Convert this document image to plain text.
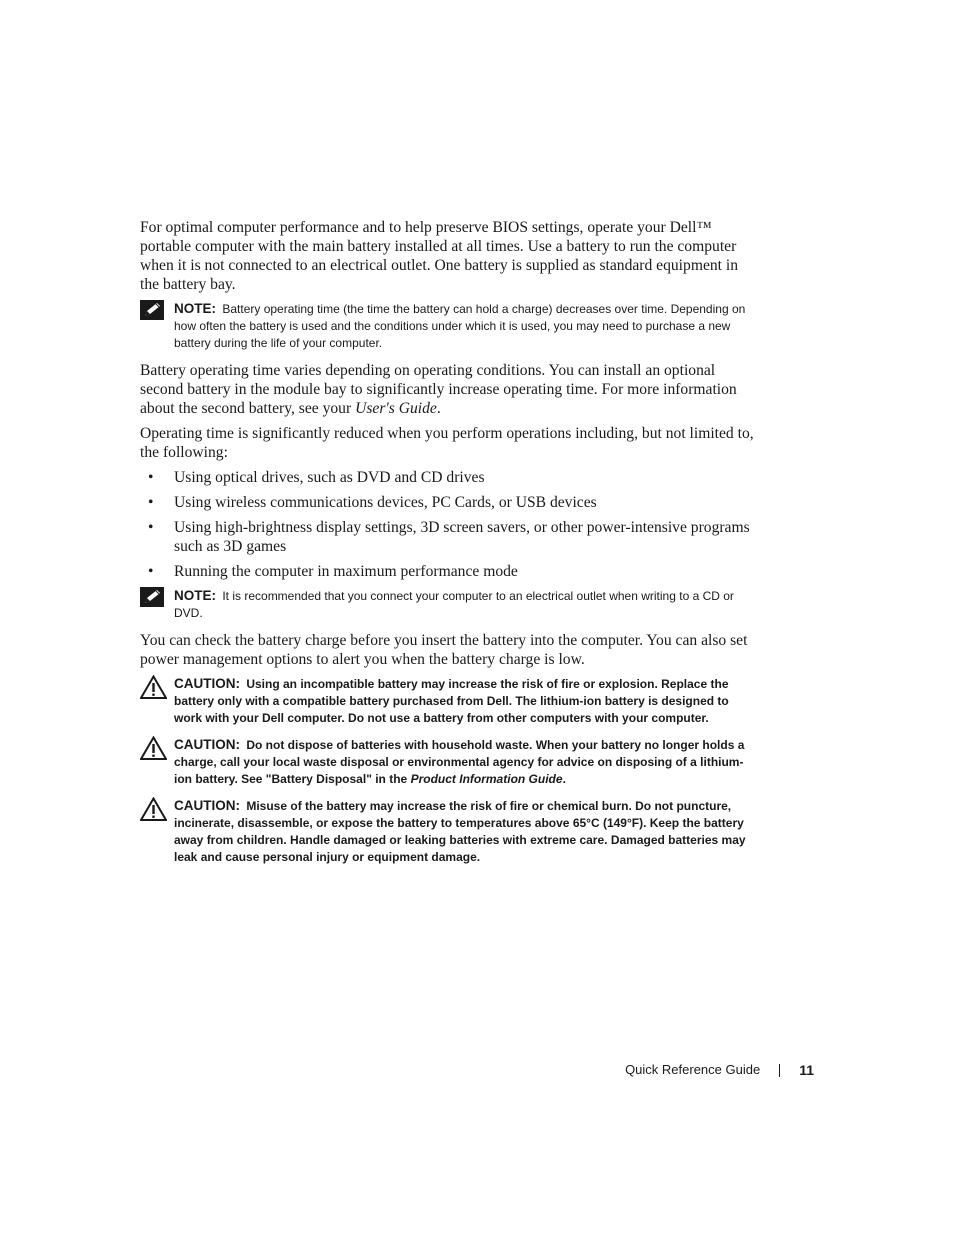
For optimal computer performance and to help preserve BIOS settings, operate your Dell™ portable computer with the main battery installed at all times. Use a battery to run the computer when it is not connected to an electrical outlet. One battery is supplied as standard equipment in the battery bay.

NOTE: Battery operating time (the time the battery can hold a charge) decreases over time. Depending on how often the battery is used and the conditions under which it is used, you may need to purchase a new battery during the life of your computer.

Battery operating time varies depending on operating conditions. You can install an optional second battery in the module bay to significantly increase operating time. For more information about the second battery, see your User's Guide.

Operating time is significantly reduced when you perform operations including, but not limited to, the following:

• Using optical drives, such as DVD and CD drives
• Using wireless communications devices, PC Cards, or USB devices
• Using high-brightness display settings, 3D screen savers, or other power-intensive programs such as 3D games
• Running the computer in maximum performance mode
NOTE: It is recommended that you connect your computer to an electrical outlet when writing to a CD or DVD.

You can check the battery charge before you insert the battery into the computer. You can also set power management options to alert you when the battery charge is low.

CAUTION: Using an incompatible battery may increase the risk of fire or explosion. Replace the battery only with a compatible battery purchased from Dell. The lithium-ion battery is designed to work with your Dell computer. Do not use a battery from other computers with your computer.
CAUTION: Do not dispose of batteries with household waste. When your battery no longer holds a charge, call your local waste disposal or environmental agency for advice on disposing of a lithium-ion battery. See "Battery Disposal" in the Product Information Guide.
CAUTION: Misuse of the battery may increase the risk of fire or chemical burn. Do not puncture, incinerate, disassemble, or expose the battery to temperatures above 65°C (149°F). Keep the battery away from children. Handle damaged or leaking batteries with extreme care. Damaged batteries may leak and cause personal injury or equipment damage.
Quick Reference Guide	11
